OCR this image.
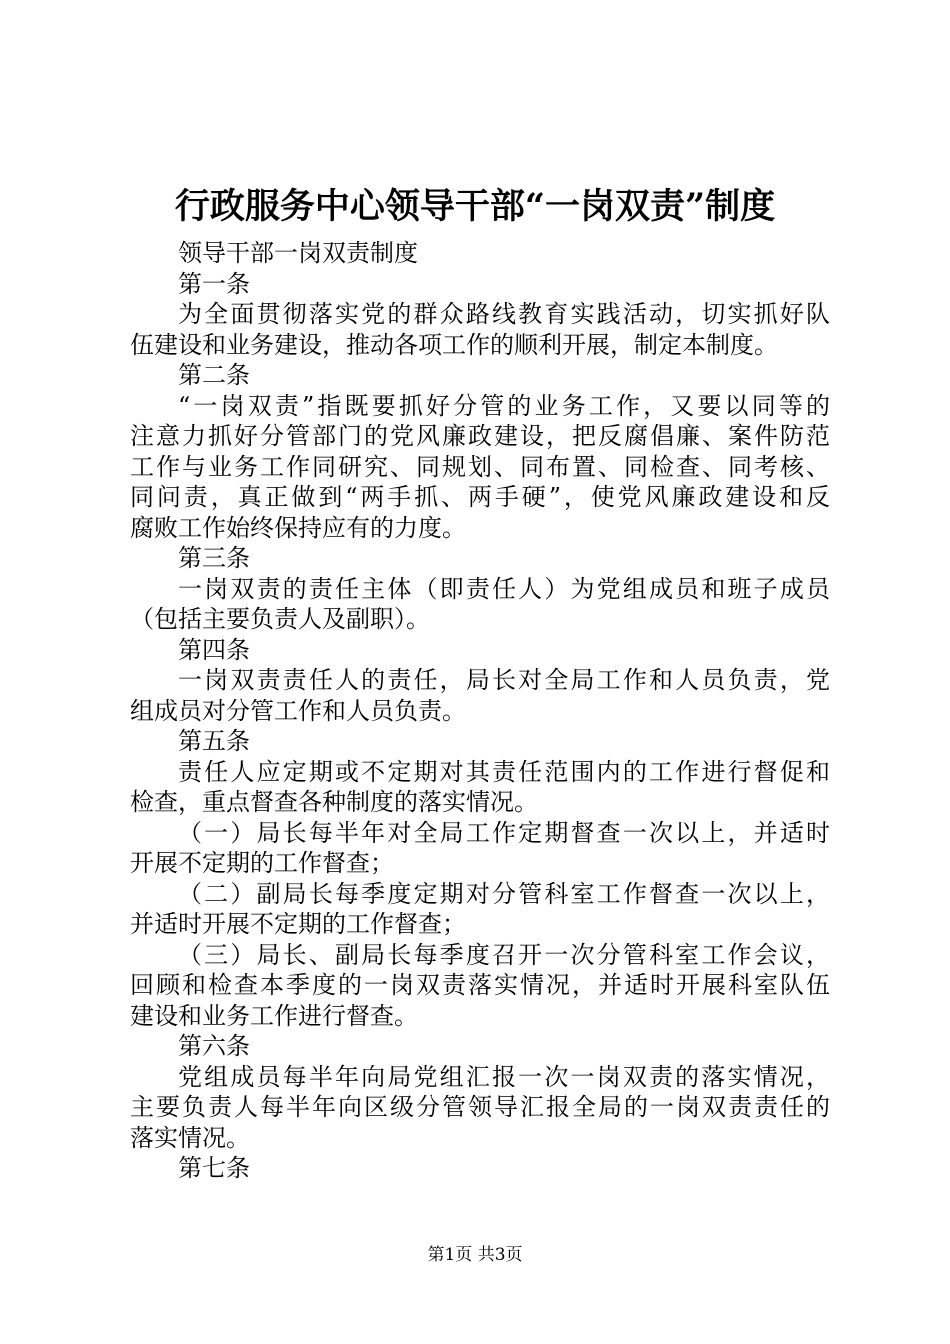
行政服务中心领导干部“一岗双责”制度
领导干部一岗双责制度
第一条
为全面贯彻落实党的群众路线教育实践活动，切实抓好队
伍建设和业务建设，推动各项工作的顺利开展，制定本制度。
第二条
“一岗双责”指既要抓好分管的业务工作，又要以同等的
注意力抓好分管部门的党风廉政建设，把反腐倡廉、案件防范
工作与业务工作同研究、同规划、同布置、同检查、同考核、
同问责，真正做到“两手抓、两手硬”，使党风廉政建设和反
腐败工作始终保持应有的力度。
第三条
一岗双责的责任主体（即责任人）为党组成员和班子成员
（包括主要负责人及副职）。
第四条
一岗双责责任人的责任，局长对全局工作和人员负责，党
组成员对分管工作和人员负责。
第五条
责任人应定期或不定期对其责任范围内的工作进行督促和
检查，重点督查各种制度的落实情况。
（一）局长每半年对全局工作定期督查一次以上，并适时
开展不定期的工作督查；
（二）副局长每季度定期对分管科室工作督查一次以上，
并适时开展不定期的工作督查；
（三）局长、副局长每季度召开一次分管科室工作会议，
回顾和检查本季度的一岗双责落实情况，并适时开展科室队伍
建设和业务工作进行督查。
第六条
党组成员每半年向局党组汇报一次一岗双责的落实情况，
主要负责人每半年向区级分管领导汇报全局的一岗双责责任的
落实情况。
第七条
第1页 共3页
